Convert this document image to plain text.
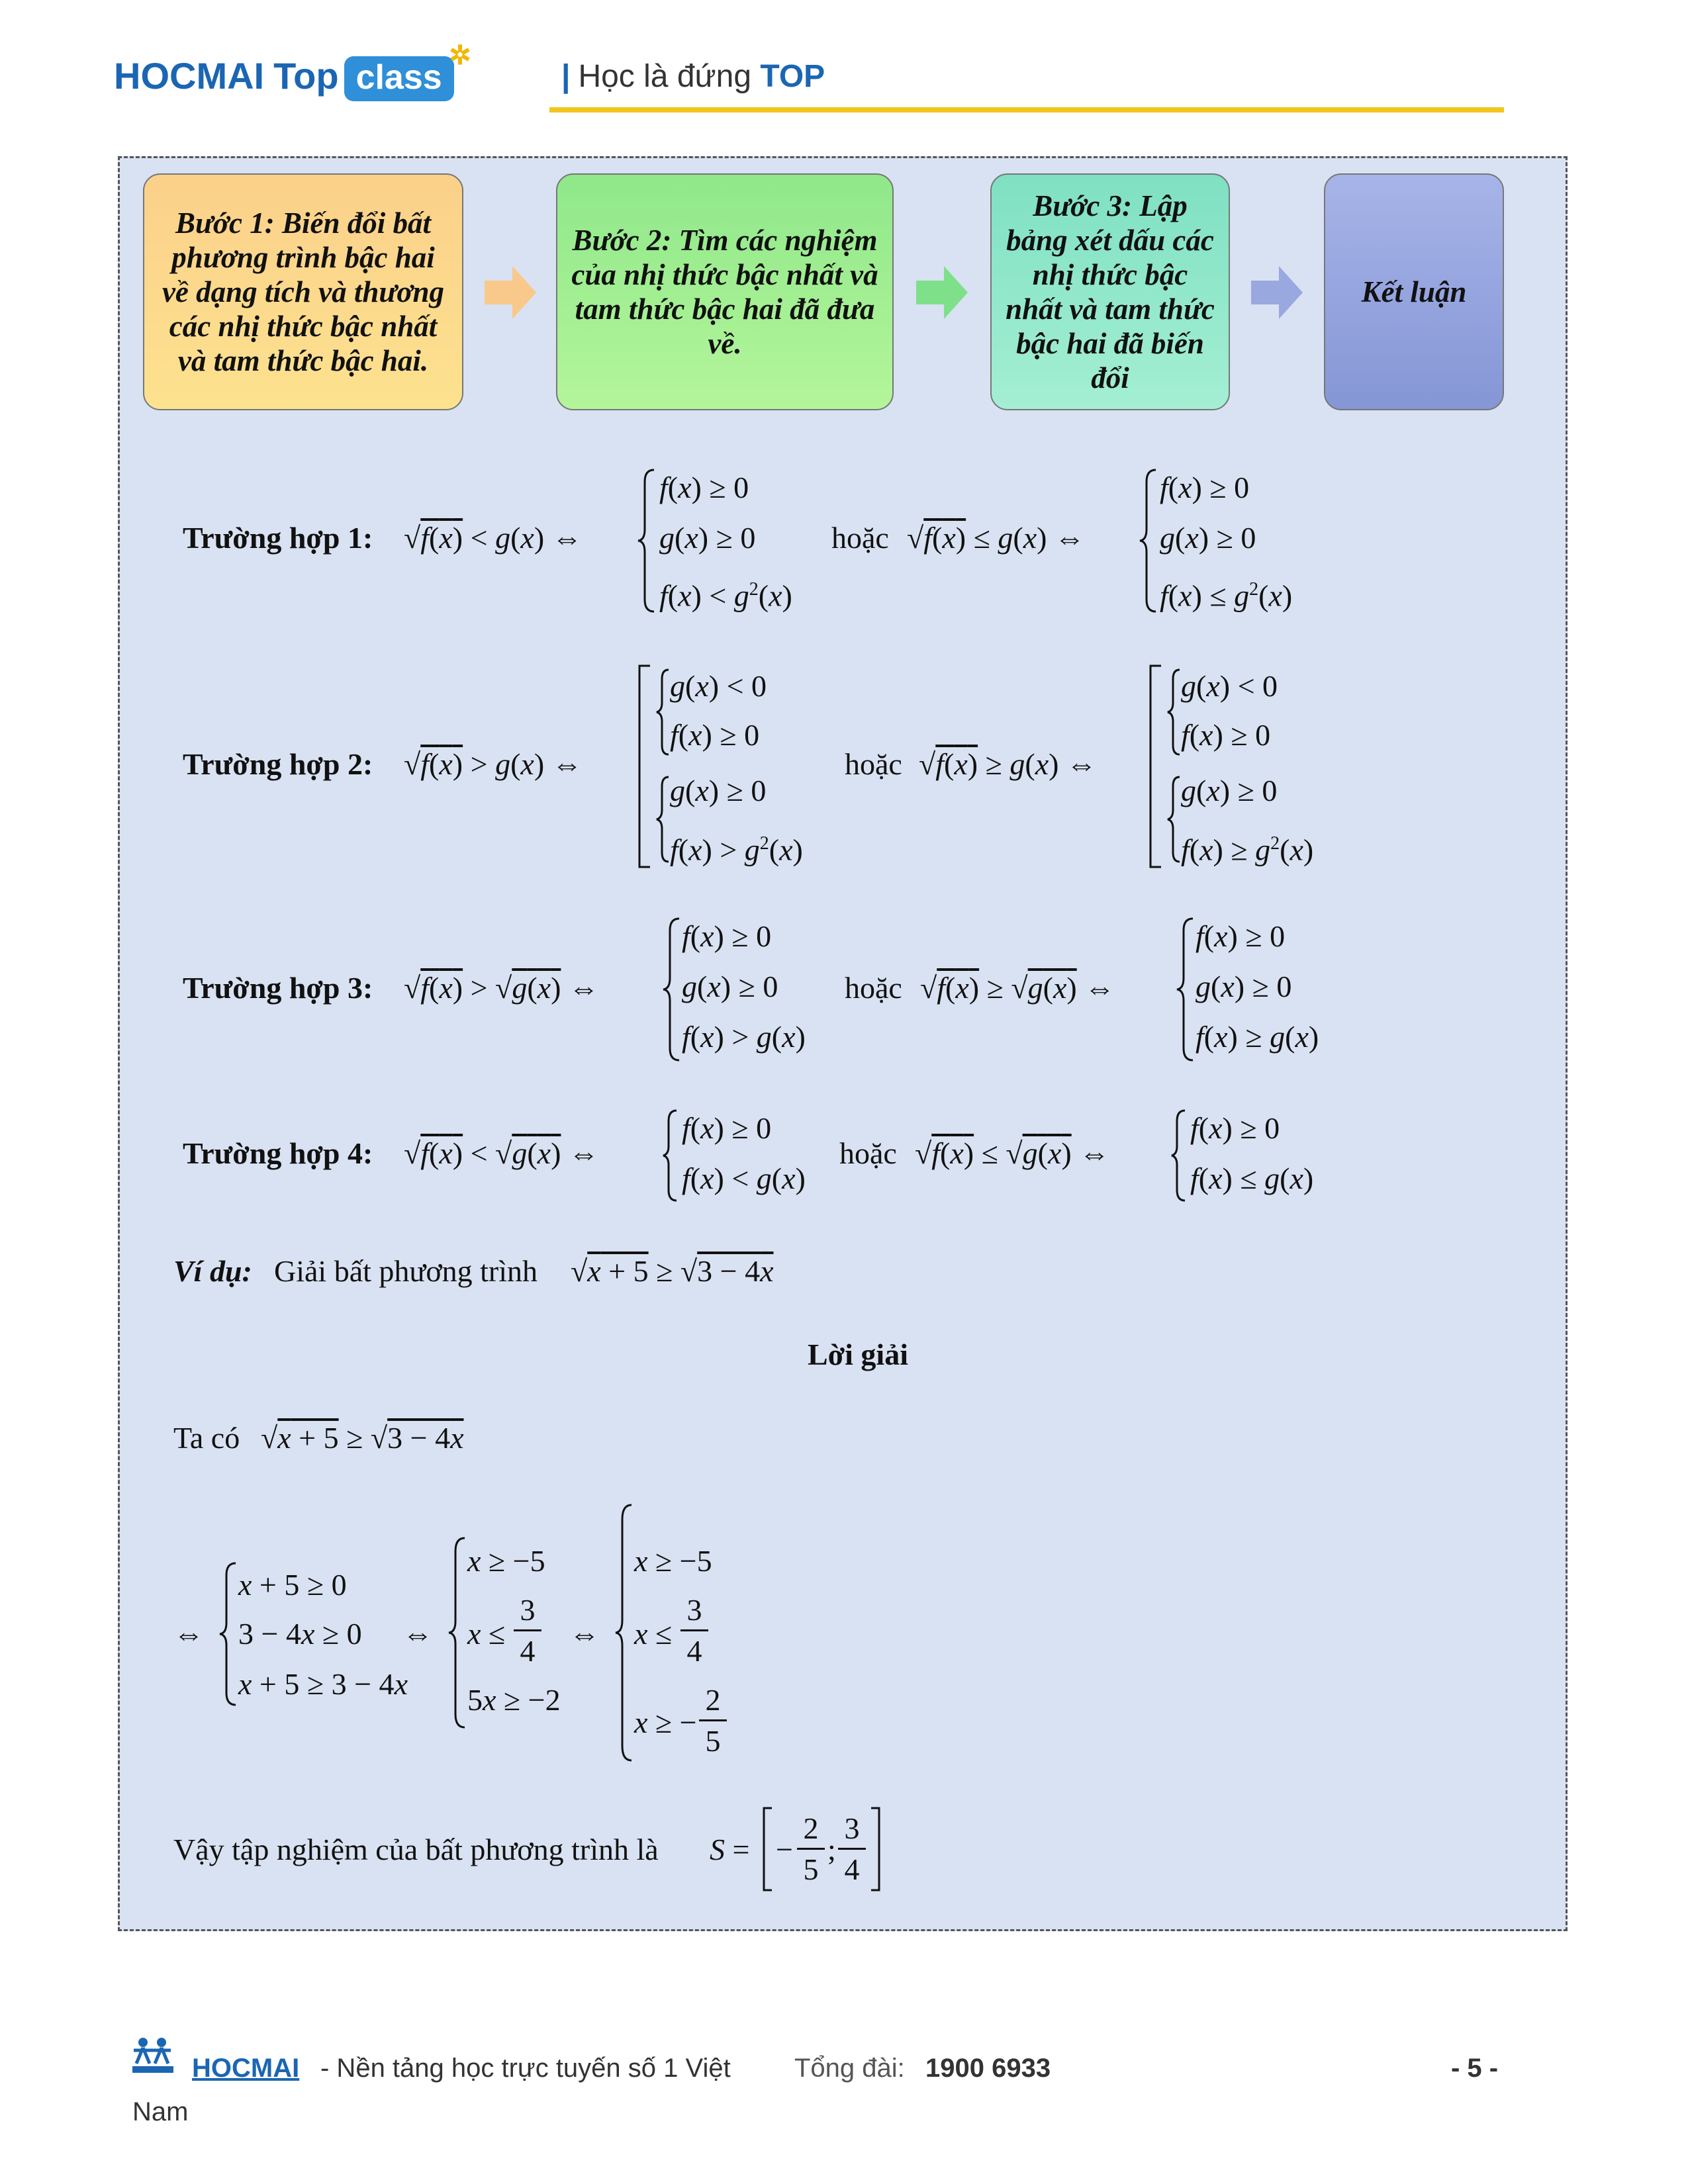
HOCMAI Top class
✲
| Học là đứng TOP
Bước 1: Biến đổi bất phương trình bậc hai về dạng tích và thương các nhị thức bậc nhất và tam thức bậc hai.
Bước 2: Tìm các nghiệm của nhị thức bậc nhất và tam thức bậc hai đã đưa về.
Bước 3: Lập bảng xét dấu các nhị thức bậc nhất và tam thức bậc hai đã biến đổi
Kết luận
Trường hợp 1: √f(x) < g(x) ⇔
f(x) ≥ 0
g(x) ≥ 0
$f(x) < g^2(x)$
hoặc √f(x) ≤ g(x) ⇔
f(x) ≥ 0
g(x) ≥ 0
$f(x) \le g^2(x)$
Trường hợp 2: √f(x) > g(x) ⇔
g(x) < 0
f(x) ≥ 0
g(x) ≥ 0
$f(x) > g^2(x)$
hoặc √f(x) ≥ g(x) ⇔
g(x) < 0
f(x) ≥ 0
g(x) ≥ 0
$f(x) \ge g^2(x)$
Trường hợp 3: √f(x) > √g(x) ⇔
f(x) ≥ 0
g(x) ≥ 0
f(x) > g(x)
hoặc √f(x) ≥ √g(x) ⇔
f(x) ≥ 0
g(x) ≥ 0
f(x) ≥ g(x)
Trường hợp 4: √f(x) < √g(x) ⇔
f(x) ≥ 0
f(x) < g(x)
hoặc √f(x) ≤ √g(x) ⇔
f(x) ≥ 0
f(x) ≤ g(x)
Ví dụ: Giải bất phương trình √x + 5 ≥ √3 − 4x
Lời giải
Ta có √x + 5 ≥ √3 − 4x
⇔
x + 5 ≥ 0
3 − 4x ≥ 0
x + 5 ≥ 3 − 4x
⇔
x ≥ −5
x ≤
3
4
5x ≥ −2
⇔
x ≥ −5
x ≤
3
4
x ≥ −
2
5
Vậy tập nghiệm của bất phương trình là S = −
2
5
;
3
4
HOCMAI - Nền tảng học trực tuyến số 1 Việt Tổng đài: 1900 6933	- 5 -
Nam
